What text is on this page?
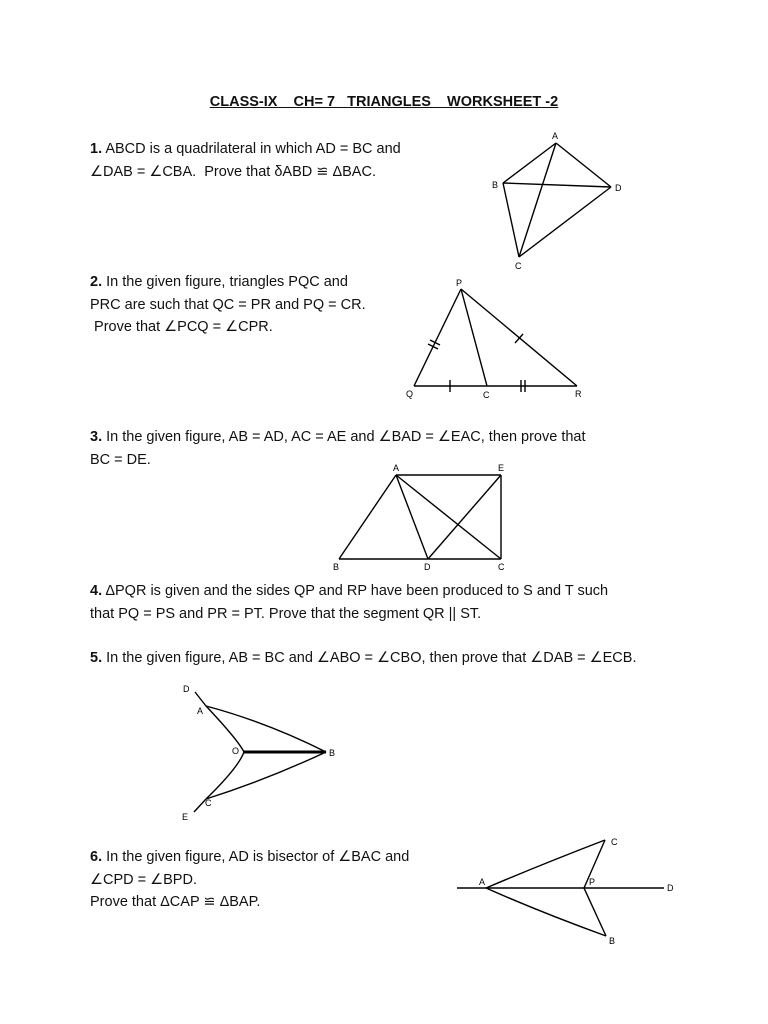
CLASS-IX    CH= 7   TRIANGLES    WORKSHEET -2

1. ABCD is a quadrilateral in which AD = BC and

∠DAB = ∠CBA.  Prove that δABD ≌ ΔBAC.

2. In the given figure, triangles PQC and

PRC are such that QC = PR and PQ = CR.

Prove that ∠PCQ = ∠CPR.

3. In the given figure, AB = AD, AC = AE and ∠BAD = ∠EAC, then prove that

BC = DE.

4. ΔPQR is given and the sides QP and RP have been produced to S and T such

that PQ = PS and PR = PT. Prove that the segment QR || ST.

5. In the given figure, AB = BC and ∠ABO = ∠CBO, then prove that ∠DAB = ∠ECB.

6. In the given figure, AD is bisector of ∠BAC and

∠CPD = ∠BPD.

Prove that ΔCAP ≌ ΔBAP.

A
B	D
C
P
Q	C	R
A	E
B	D	C
D
A
O	B
C
E
A
C
P
D
B
